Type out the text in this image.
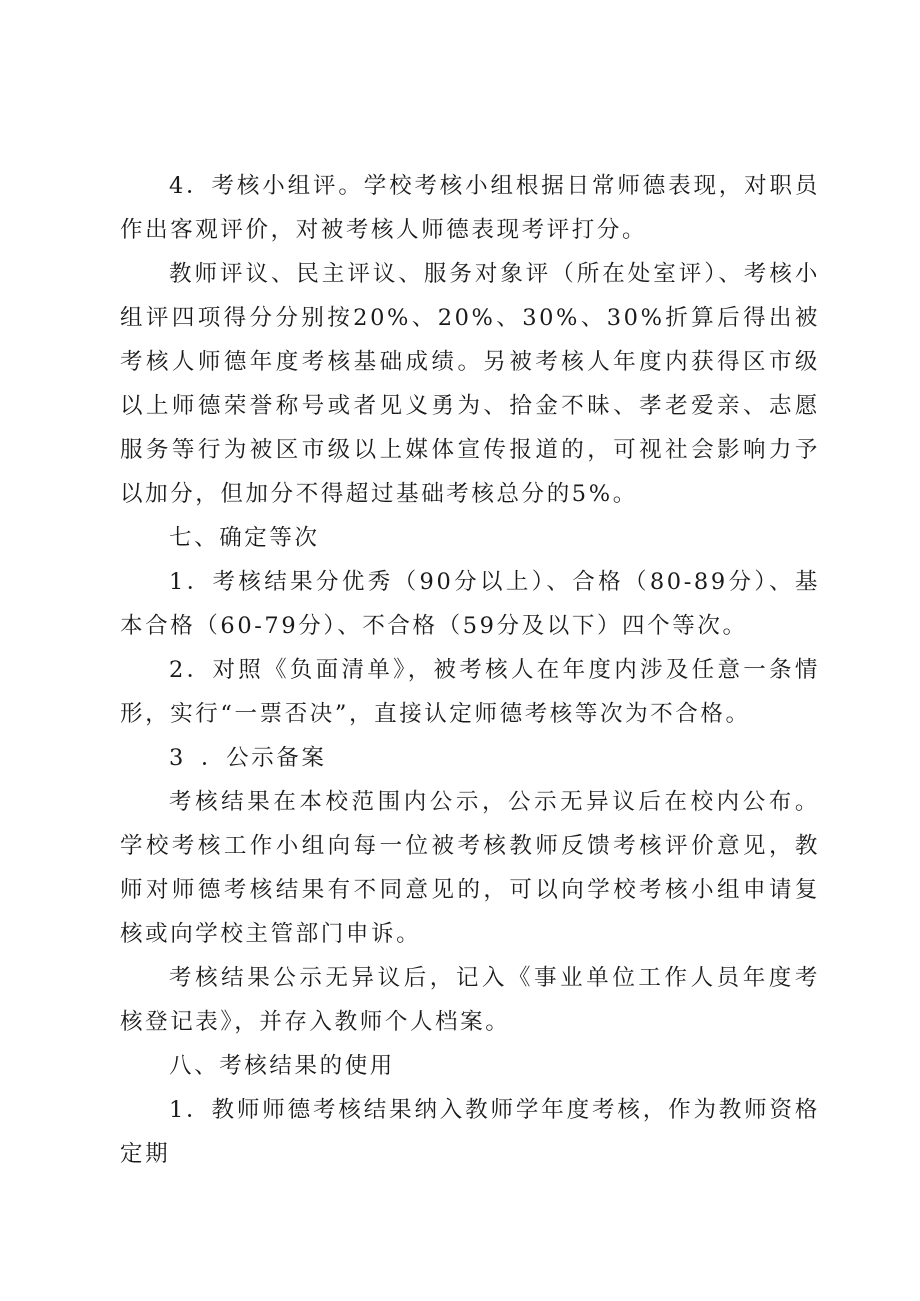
4．考核小组评。学校考核小组根据日常师德表现，对职员作出客观评价，对被考核人师德表现考评打分。

教师评议、民主评议、服务对象评（所在处室评）、考核小组评四项得分分别按20%、20%、30%、30%折算后得出被考核人师德年度考核基础成绩。另被考核人年度内获得区市级以上师德荣誉称号或者见义勇为、拾金不昧、孝老爱亲、志愿服务等行为被区市级以上媒体宣传报道的，可视社会影响力予以加分，但加分不得超过基础考核总分的5%。

七、确定等次

1．考核结果分优秀（90分以上）、合格（80-89分）、基本合格（60-79分）、不合格（59分及以下）四个等次。

2．对照《负面清单》，被考核人在年度内涉及任意一条情形，实行“一票否决”，直接认定师德考核等次为不合格。

3 ．公示备案

考核结果在本校范围内公示，公示无异议后在校内公布。学校考核工作小组向每一位被考核教师反馈考核评价意见，教师对师德考核结果有不同意见的，可以向学校考核小组申请复核或向学校主管部门申诉。

考核结果公示无异议后，记入《事业单位工作人员年度考核登记表》，并存入教师个人档案。

八、考核结果的使用

1．教师师德考核结果纳入教师学年度考核，作为教师资格定期
